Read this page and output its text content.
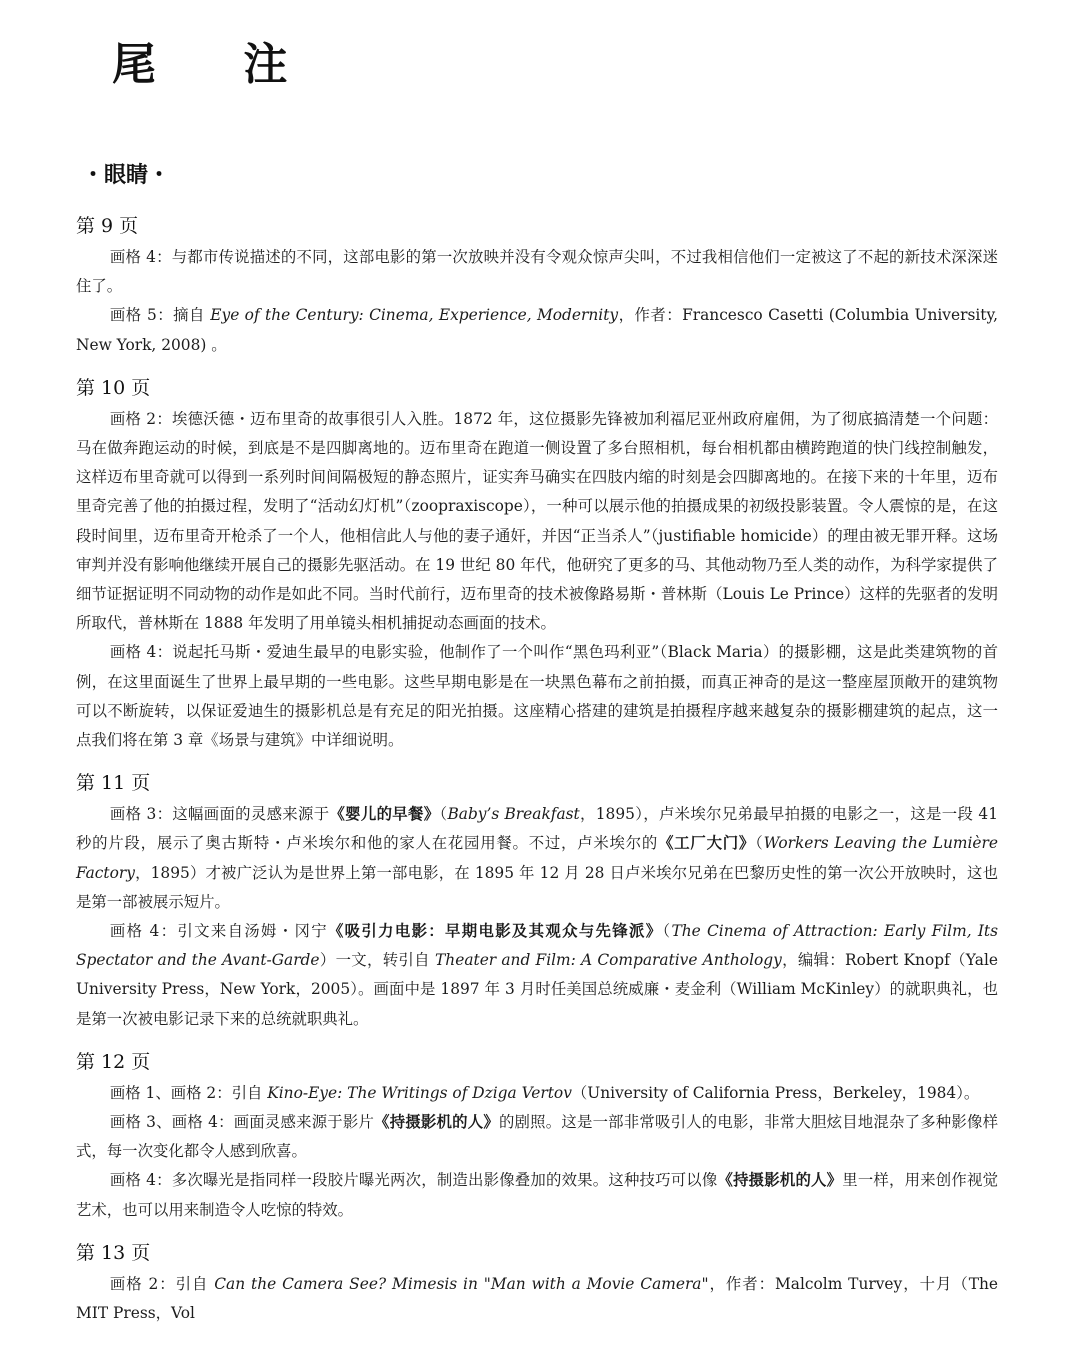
尾 注
・眼睛・
第 9 页

画格 4：与都市传说描述的不同，这部电影的第一次放映并没有令观众惊声尖叫，不过我相信他们一定被这了不起的新技术深深迷住了。

画格 5：摘自 Eye of the Century: Cinema, Experience, Modernity，作者：Francesco Casetti (Columbia University, New York, 2008) 。

第 10 页

画格 2：埃德沃德・迈布里奇的故事很引人入胜。1872 年，这位摄影先锋被加利福尼亚州政府雇佣，为了彻底搞清楚一个问题：马在做奔跑运动的时候，到底是不是四脚离地的。迈布里奇在跑道一侧设置了多台照相机，每台相机都由横跨跑道的快门线控制触发，这样迈布里奇就可以得到一系列时间间隔极短的静态照片，证实奔马确实在四肢内缩的时刻是会四脚离地的。在接下来的十年里，迈布里奇完善了他的拍摄过程，发明了“活动幻灯机”（zoopraxiscope），一种可以展示他的拍摄成果的初级投影装置。令人震惊的是，在这段时间里，迈布里奇开枪杀了一个人，他相信此人与他的妻子通奸，并因“正当杀人”（justifiable homicide）的理由被无罪开释。这场审判并没有影响他继续开展自己的摄影先驱活动。在 19 世纪 80 年代，他研究了更多的马、其他动物乃至人类的动作，为科学家提供了细节证据证明不同动物的动作是如此不同。当时代前行，迈布里奇的技术被像路易斯・普林斯（Louis Le Prince）这样的先驱者的发明所取代，普林斯在 1888 年发明了用单镜头相机捕捉动态画面的技术。

画格 4：说起托马斯・爱迪生最早的电影实验，他制作了一个叫作“黑色玛利亚”（Black Maria）的摄影棚，这是此类建筑物的首例，在这里面诞生了世界上最早期的一些电影。这些早期电影是在一块黑色幕布之前拍摄，而真正神奇的是这一整座屋顶敞开的建筑物可以不断旋转，以保证爱迪生的摄影机总是有充足的阳光拍摄。这座精心搭建的建筑是拍摄程序越来越复杂的摄影棚建筑的起点，这一点我们将在第 3 章《场景与建筑》中详细说明。

第 11 页

画格 3：这幅画面的灵感来源于《婴儿的早餐》（Baby’s Breakfast，1895），卢米埃尔兄弟最早拍摄的电影之一，这是一段 41 秒的片段，展示了奥古斯特・卢米埃尔和他的家人在花园用餐。不过，卢米埃尔的《工厂大门》（Workers Leaving the Lumière Factory，1895）才被广泛认为是世界上第一部电影，在 1895 年 12 月 28 日卢米埃尔兄弟在巴黎历史性的第一次公开放映时，这也是第一部被展示短片。

画格 4：引文来自汤姆・冈宁《吸引力电影：早期电影及其观众与先锋派》（The Cinema of Attraction: Early Film, Its Spectator and the Avant-Garde）一文，转引自 Theater and Film: A Comparative Anthology，编辑：Robert Knopf（Yale University Press，New York，2005）。画面中是 1897 年 3 月时任美国总统威廉・麦金利（William McKinley）的就职典礼，也是第一次被电影记录下来的总统就职典礼。

第 12 页

画格 1、画格 2：引自 Kino-Eye: The Writings of Dziga Vertov（University of California Press，Berkeley，1984）。

画格 3、画格 4：画面灵感来源于影片《持摄影机的人》的剧照。这是一部非常吸引人的电影，非常大胆炫目地混杂了多种影像样式，每一次变化都令人感到欣喜。

画格 4：多次曝光是指同样一段胶片曝光两次，制造出影像叠加的效果。这种技巧可以像《持摄影机的人》里一样，用来创作视觉艺术，也可以用来制造令人吃惊的特效。

第 13 页

画格 2：引自 Can the Camera See? Mimesis in "Man with a Movie Camera"，作者：Malcolm Turvey，十月（The MIT Press，Vol
